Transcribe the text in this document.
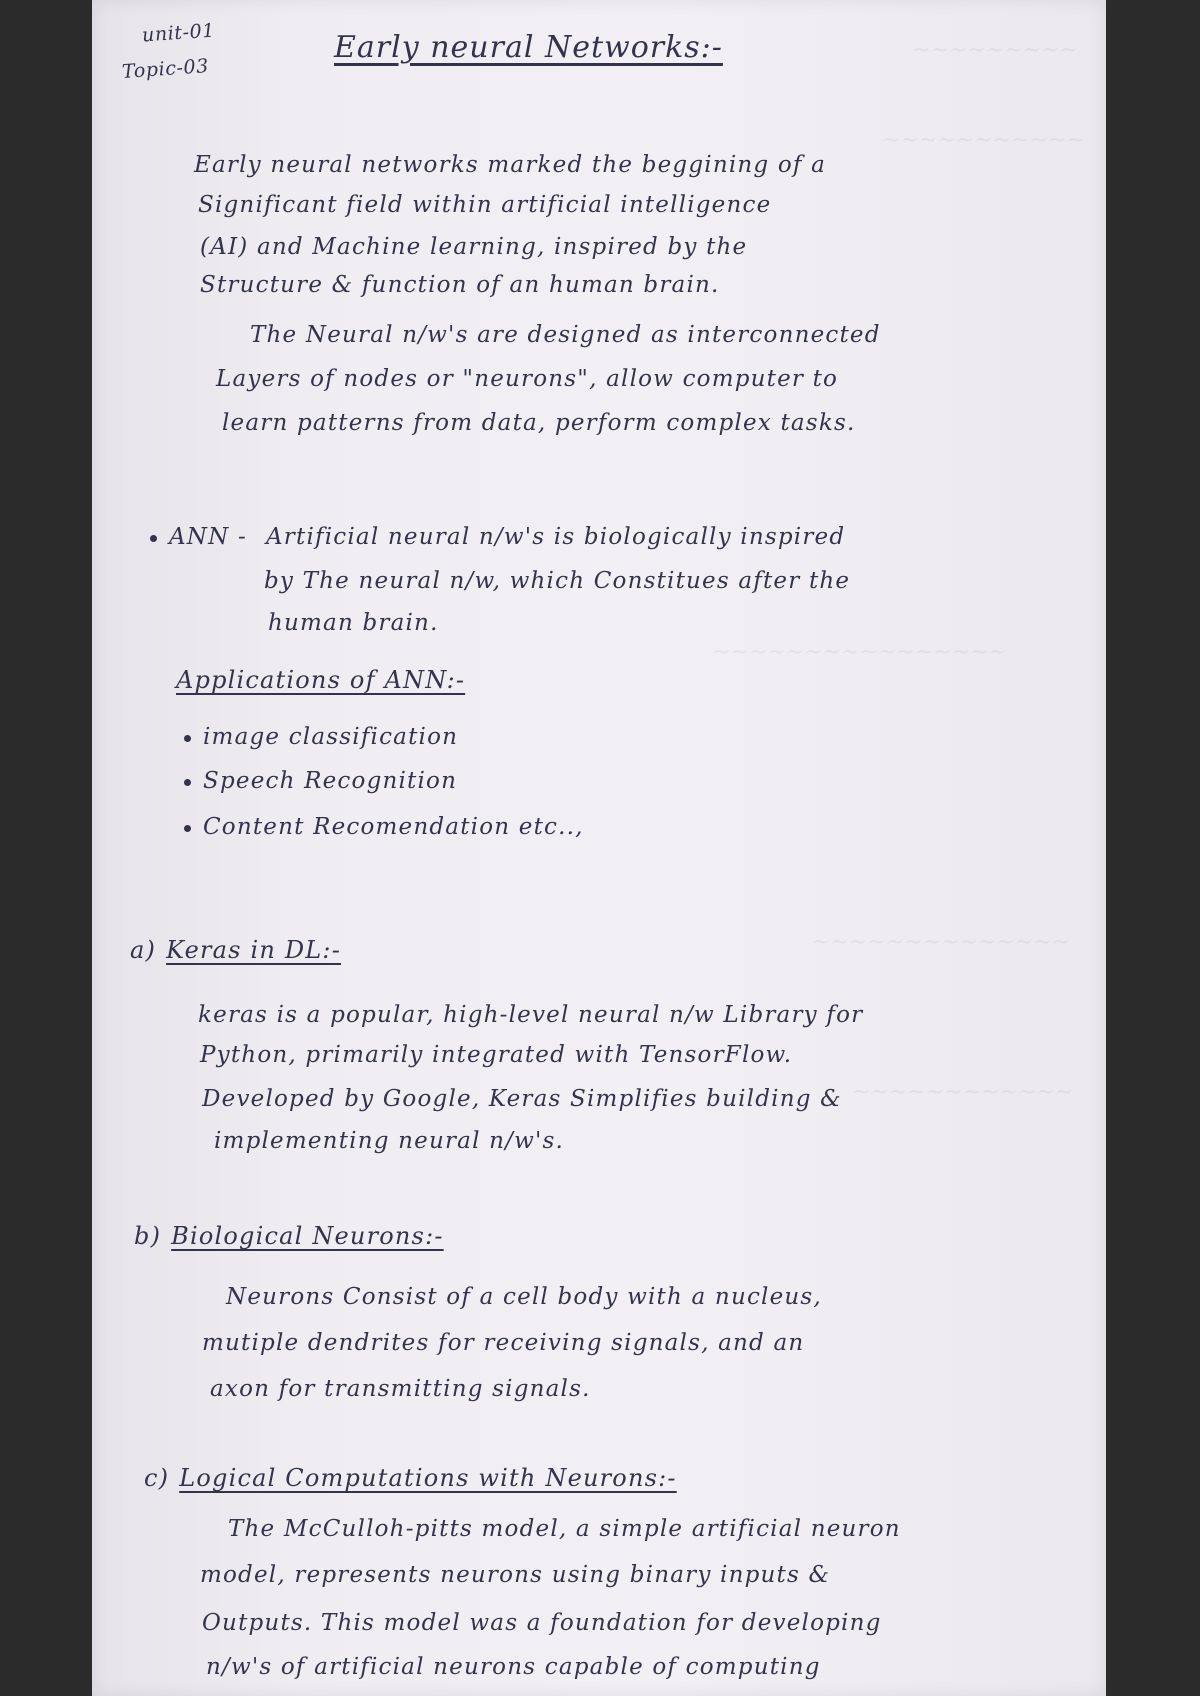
~~~~~~~~~
~~~~~~~~~~~
~~~~~~~~~~~~~~~~
~~~~~~~~~~~~~~
~~~~~~~~~~~~
unit-01
Topic-03
Early neural Networks:-
Early neural networks marked the beggining of a
Significant field within artificial intelligence
(AI) and Machine learning, inspired by the
Structure & function of an human brain.
The Neural n/w's are designed as interconnected
Layers of nodes or "neurons", allow computer to
learn patterns from data, perform complex tasks.
ANN - Artificial neural n/w's is biologically inspired
by The neural n/w, which Constitues after the
human brain.
Applications of ANN:-
image classification
Speech Recognition
Content Recomendation etc..,
a) Keras in DL:-
keras is a popular, high-level neural n/w Library for
Python, primarily integrated with TensorFlow.
Developed by Google, Keras Simplifies building &
implementing neural n/w's.
b) Biological Neurons:-
Neurons Consist of a cell body with a nucleus,
mutiple dendrites for receiving signals, and an
axon for transmitting signals.
c) Logical Computations with Neurons:-
The McCulloh-pitts model, a simple artificial neuron
model, represents neurons using binary inputs &
Outputs. This model was a foundation for developing
n/w's of artificial neurons capable of computing
